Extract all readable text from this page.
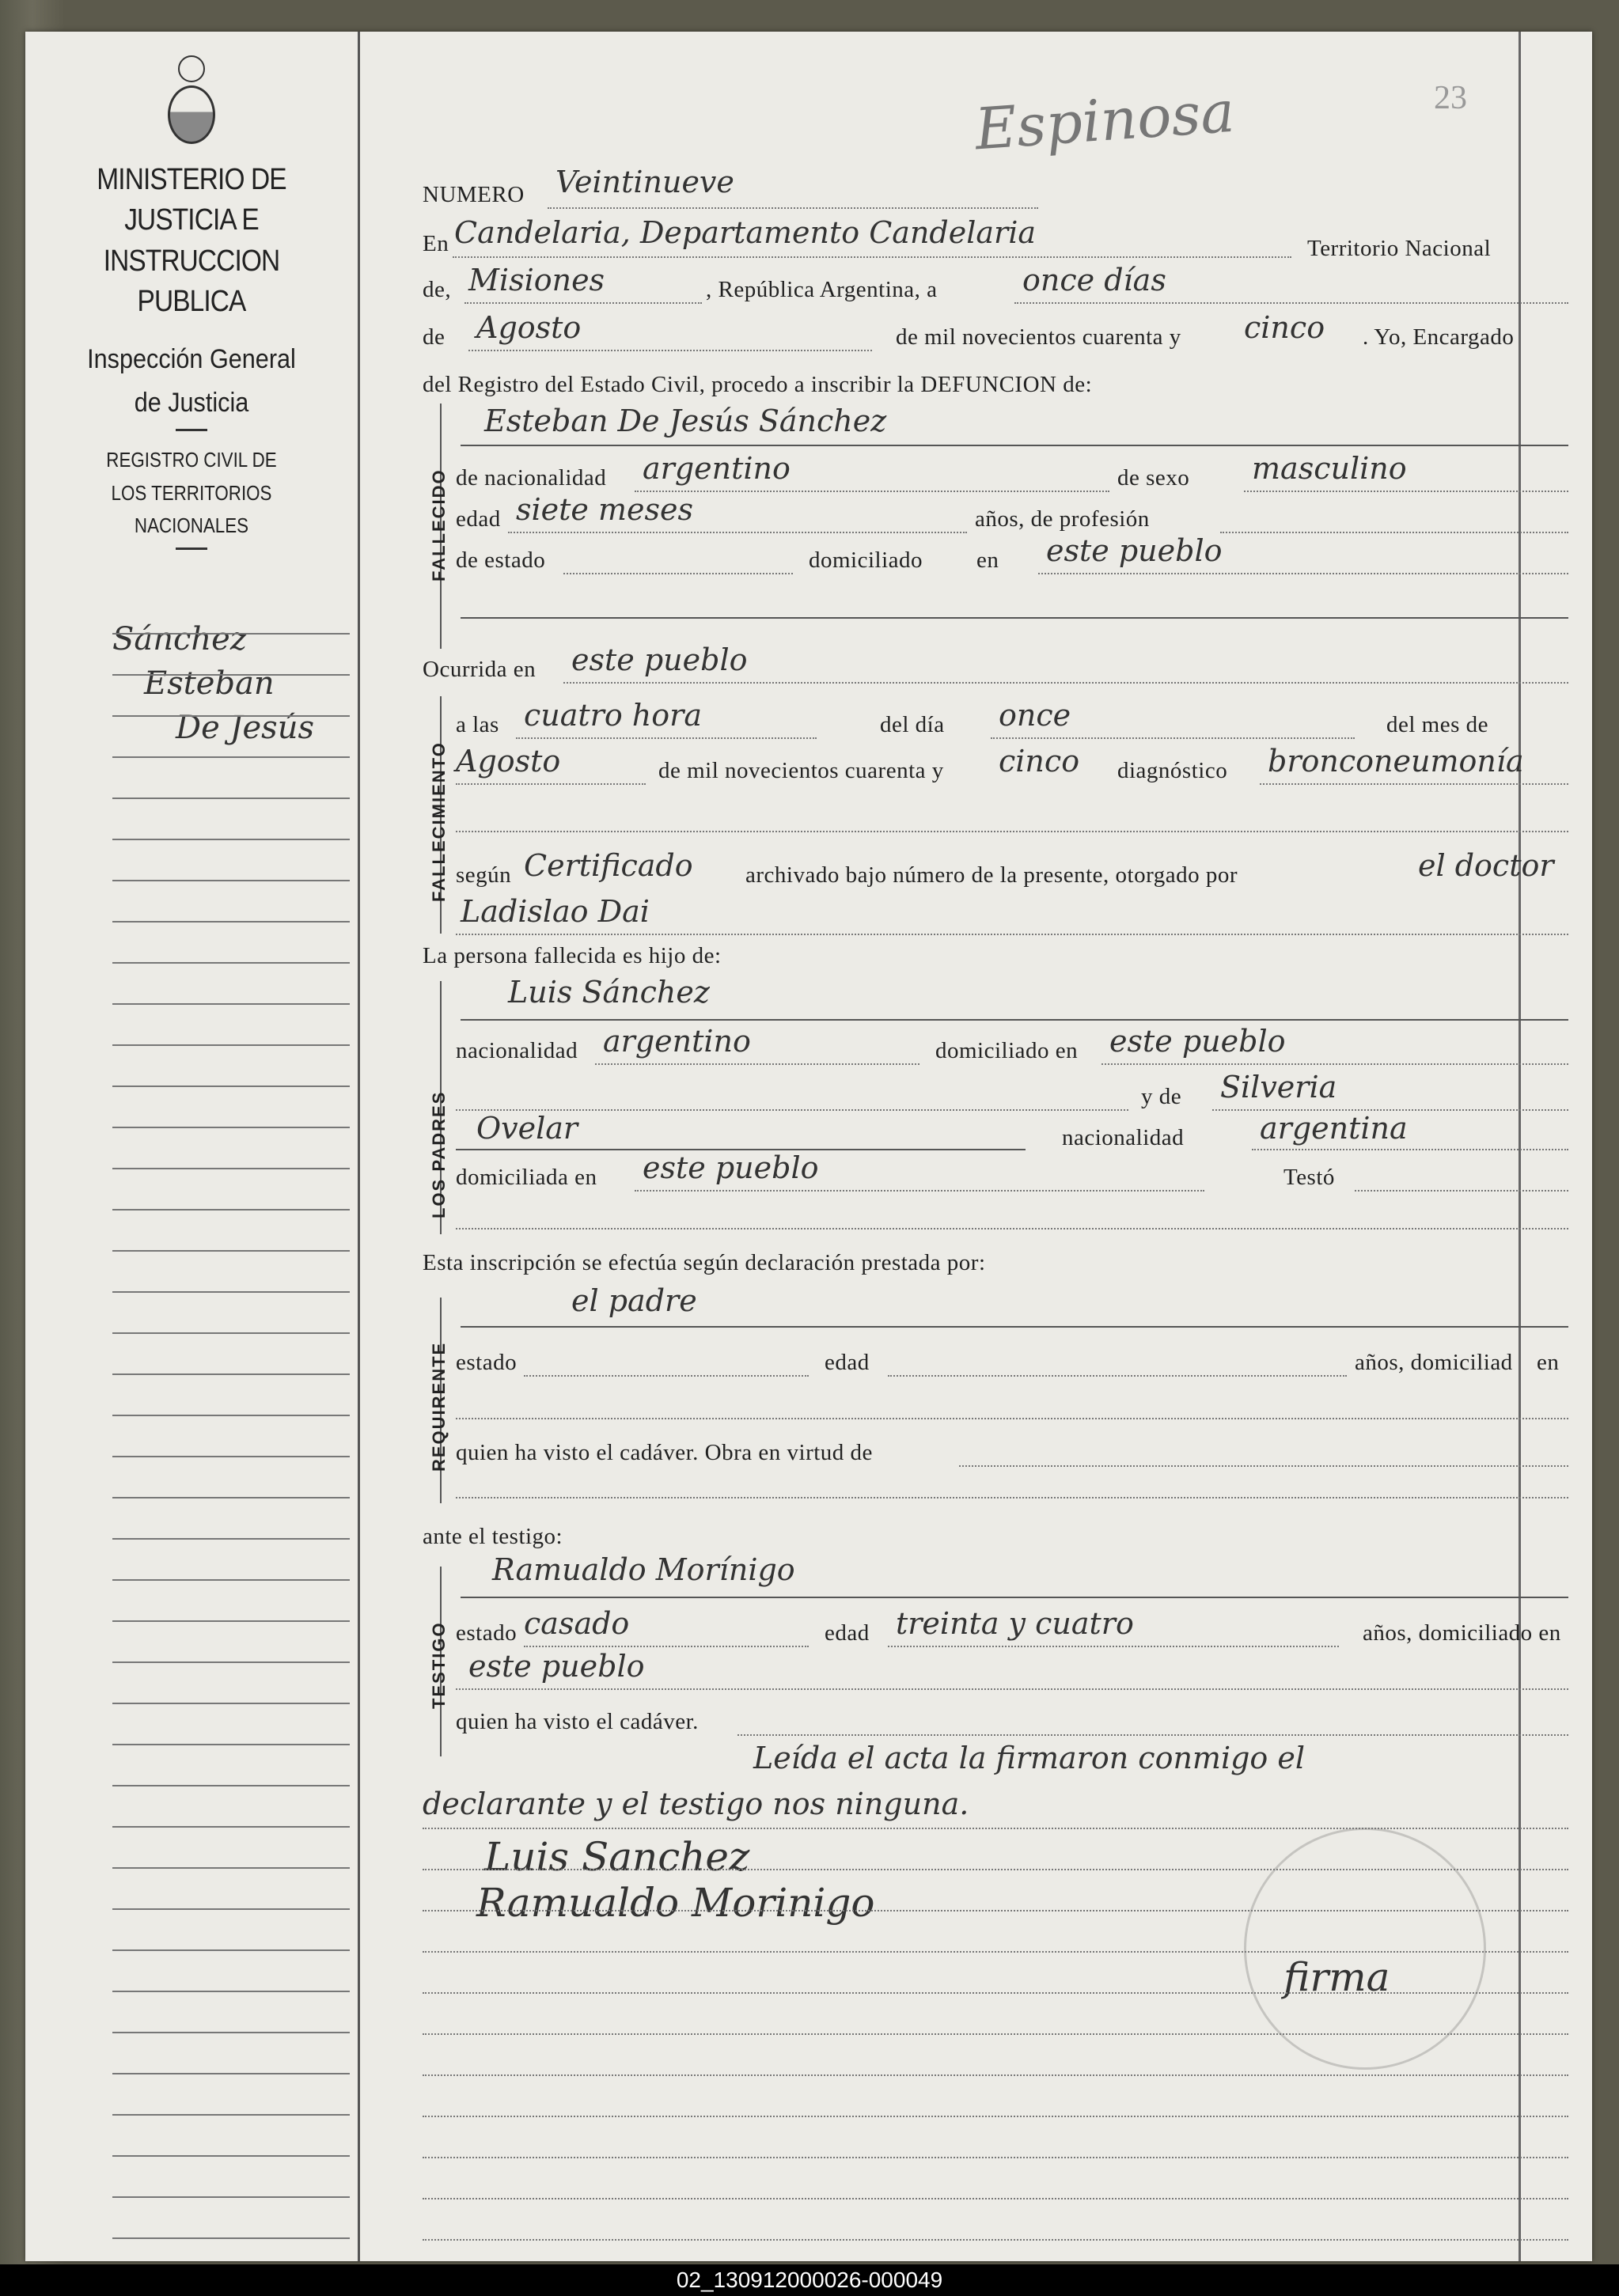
MINISTERIO DE JUSTICIA E INSTRUCCION PUBLICA
Inspección General de Justicia
REGISTRO CIVIL DE LOS TERRITORIOS NACIONALES
Sánchez
Esteban
De Jesús
Espinosa	23
NUMERO Veintinueve
En Candelaria, Departamento Candelaria	Territorio Nacional
de, Misiones	, República Argentina, a	once días
de Agosto	de mil novecientos cuarenta y cinco . Yo, Encargado
del Registro del Estado Civil, procedo a inscribir la DEFUNCION de:
FALLECIDO
Esteban De Jesús Sánchez
de nacionalidad argentino	de sexo masculino
edad siete meses	años, de profesión
de estado	domiciliado en este pueblo
Ocurrida en este pueblo
FALLECIMIENTO
a las cuatro hora	del día once	del mes de
Agosto	de mil novecientos cuarenta y cinco diagnóstico bronconeumonía
según Certificado archivado bajo número de la presente, otorgado por	el doctor
Ladislao Dai
La persona fallecida es hijo de:
LOS PADRES
Luis Sánchez
nacionalidad argentino	domiciliado en este pueblo
y de Silveria
Ovelar	nacionalidad	argentina
domiciliada en este pueblo	Testó
Esta inscripción se efectúa según declaración prestada por:
REQUIRENTE
el padre
estado	edad	años, domiciliad en
quien ha visto el cadáver. Obra en virtud de
ante el testigo:
TESTIGO
Ramualdo Morínigo
estado casado	edad treinta y cuatro	años, domiciliado en
este pueblo
quien ha visto el cadáver.
Leída el acta la firmaron conmigo el
declarante y el testigo nos ninguna.
Luis Sanchez
Ramualdo Morinigo
firma
02_130912000026-000049
